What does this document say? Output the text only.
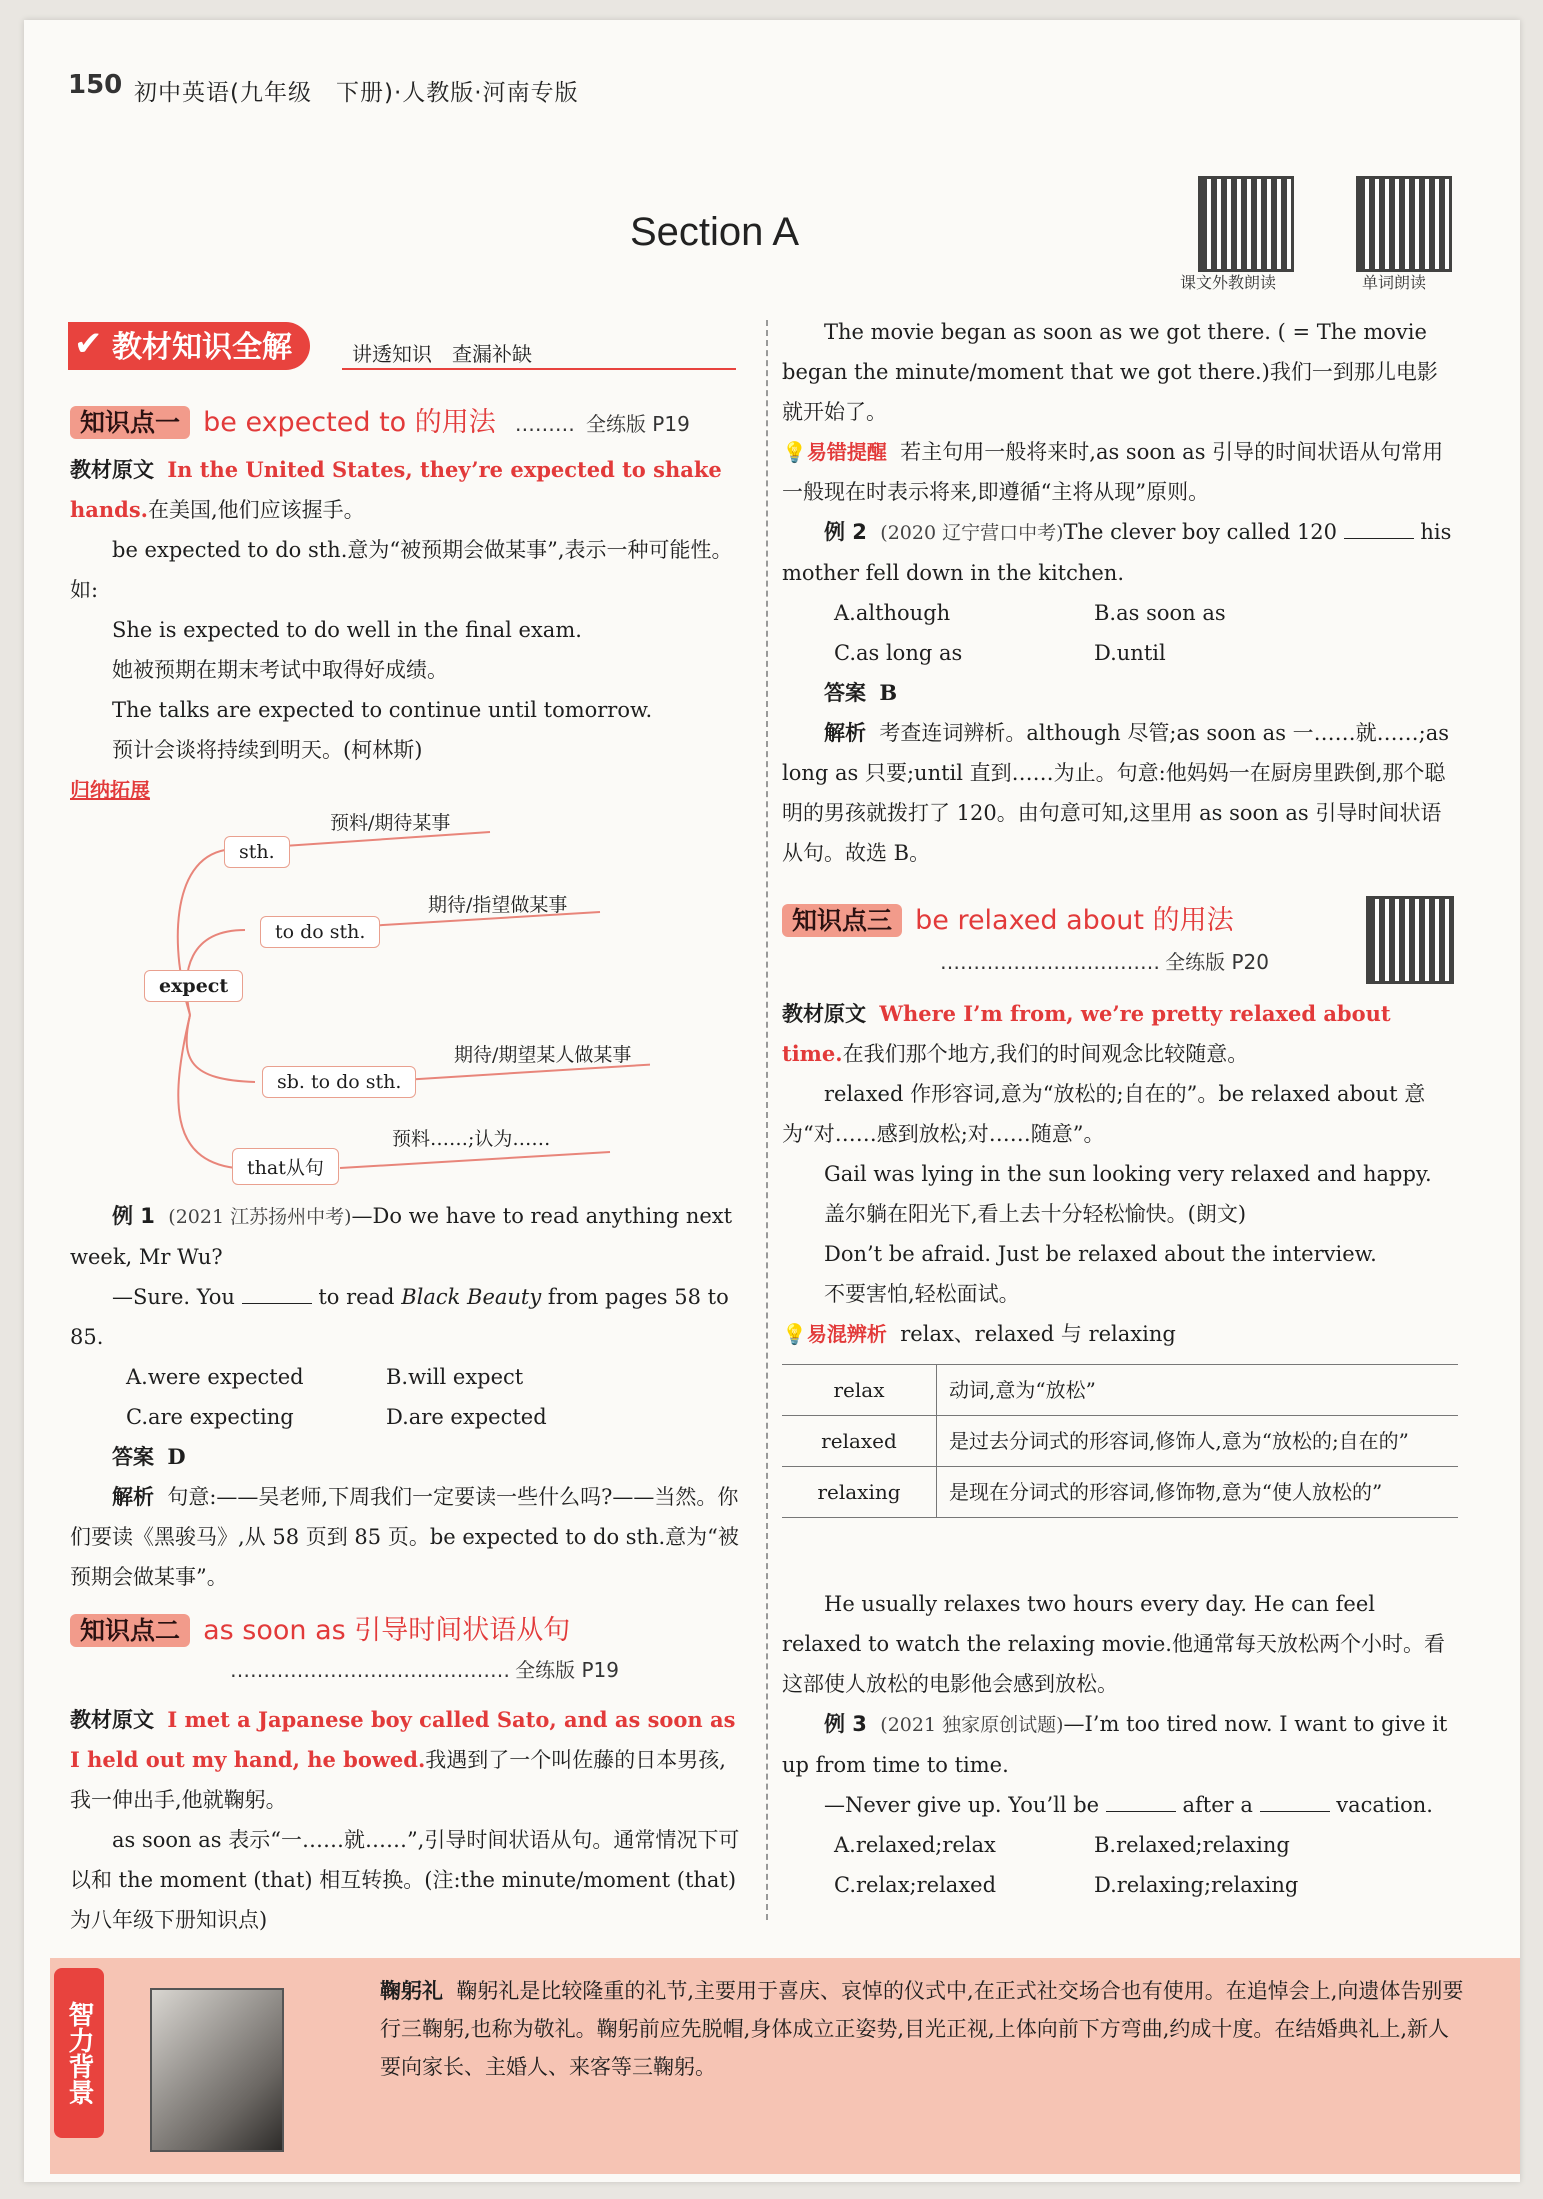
150 初中英语(九年级　下册)·人教版·河南专版
Section A
课文外教朗读	单词朗读
教材知识全解
✔	讲透知识　查漏补缺
知识点一 be expected to 的用法 ……… 全练版 P19

教材原文 In the United States, they’re expected to shake hands.在美国,他们应该握手。

be expected to do sth.意为“被预期会做某事”,表示一种可能性。如:

She is expected to do well in the final exam.

她被预期在期末考试中取得好成绩。

The talks are expected to continue until tomorrow.

预计会谈将持续到明天。(柯林斯)

归纳拓展

expect
sth.
预料/期待某事
to do sth.
期待/指望做某事
sb. to do sth.
期待/期望某人做某事
that从句
预料……;认为……

例 1 (2021 江苏扬州中考)—Do we have to read anything next week, Mr Wu?

—Sure. You	to read Black Beauty from pages 58 to 85.

A.were expected	B.will expect
C.are expecting	D.are expected

答案 D

解析 句意:——吴老师,下周我们一定要读一些什么吗?——当然。你们要读《黑骏马》,从 58 页到 85 页。be expected to do sth.意为“被预期会做某事”。

知识点二 as soon as 引导时间状语从句
…………………………………… 全练版 P19

教材原文 I met a Japanese boy called Sato, and as soon as I held out my hand, he bowed.我遇到了一个叫佐藤的日本男孩,我一伸出手,他就鞠躬。

as soon as 表示“一……就……”,引导时间状语从句。通常情况下可以和 the moment (that) 相互转换。(注:the minute/moment (that) 为八年级下册知识点)

The movie began as soon as we got there. ( = The movie began the minute/moment that we got there.)我们一到那儿电影就开始了。

💡易错提醒 若主句用一般将来时,as soon as 引导的时间状语从句常用一般现在时表示将来,即遵循“主将从现”原则。

例 2 (2020 辽宁营口中考)The clever boy called 120	his mother fell down in the kitchen.

A.although	B.as soon as
C.as long as	D.until

答案 B

解析 考查连词辨析。although 尽管;as soon as 一……就……;as long as 只要;until 直到……为止。句意:他妈妈一在厨房里跌倒,那个聪明的男孩就拨打了 120。由句意可知,这里用 as soon as 引导时间状语从句。故选 B。

知识点三 be relaxed about 的用法
…………………………… 全练版 P20

教材原文 Where I’m from, we’re pretty relaxed about time.在我们那个地方,我们的时间观念比较随意。

relaxed 作形容词,意为“放松的;自在的”。be relaxed about 意为“对……感到放松;对……随意”。

Gail was lying in the sun looking very relaxed and happy.

盖尔躺在阳光下,看上去十分轻松愉快。(朗文)

Don’t be afraid. Just be relaxed about the interview.

不要害怕,轻松面试。

💡易混辨析 relax、relaxed 与 relaxing

relax	动词,意为“放松”
relaxed	是过去分词式的形容词,修饰人,意为“放松的;自在的”
relaxing	是现在分词式的形容词,修饰物,意为“使人放松的”

He usually relaxes two hours every day. He can feel relaxed to watch the relaxing movie.他通常每天放松两个小时。看这部使人放松的电影他会感到放松。

例 3 (2021 独家原创试题)—I’m too tired now. I want to give it up from time to time.

—Never give up. You’ll be	after a	vacation.

A.relaxed;relax	B.relaxed;relaxing
C.relax;relaxed	D.relaxing;relaxing
智力背景
鞠躬礼 鞠躬礼是比较隆重的礼节,主要用于喜庆、哀悼的仪式中,在正式社交场合也有使用。在追悼会上,向遗体告别要行三鞠躬,也称为敬礼。鞠躬前应先脱帽,身体成立正姿势,目光正视,上体向前下方弯曲,约成十度。在结婚典礼上,新人要向家长、主婚人、来客等三鞠躬。
